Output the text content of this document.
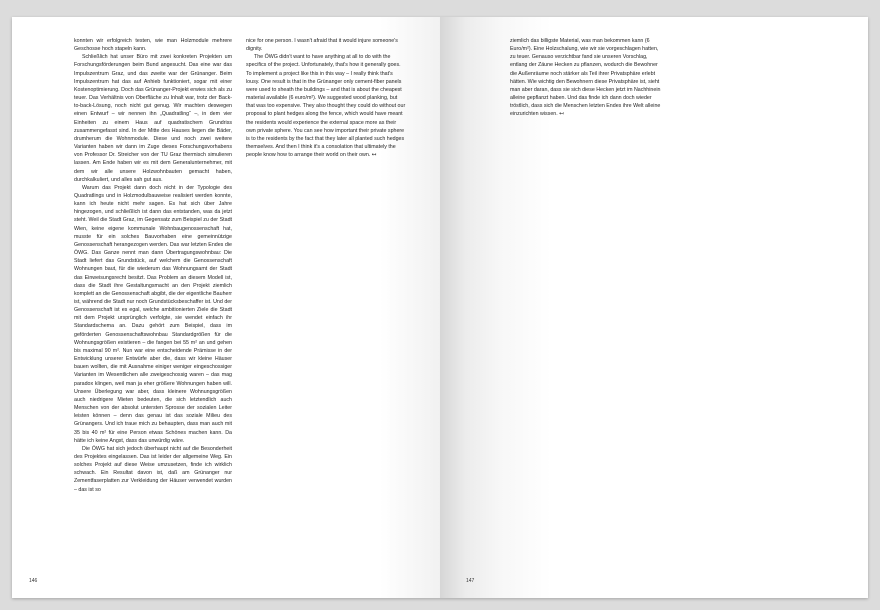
konnten wir erfolgreich testen, wie man Holzmodule mehrere Geschosse hoch stapeln kann.

Schließlich hat unser Büro mit zwei konkreten Projekten um Forschungsförderungen beim Bund angesucht. Das eine war das Impulszentrum Graz, und das zweite war der Grünanger. Beim Impulszentrum hat das auf Anhieb funktioniert, sogar mit einer Kostenoptimierung. Doch das Grünanger-Projekt erwies sich als zu teuer. Das Verhältnis von Oberfläche zu Inhalt war, trotz der Back-to-back-Lösung, noch nicht gut genug. Wir machten deswegen einen Entwurf – wir nennen ihn „Quadratling“ –, in dem vier Einheiten zu einem Haus auf quadratischem Grundriss zusammengefasst sind. In der Mitte des Hauses liegen die Bäder, drumherum die Wohnmodule. Diese und noch zwei weitere Varianten haben wir dann im Zuge dieses Forschungsvorhabens von Professor Dr. Streicher von der TU Graz thermisch simulieren lassen. Am Ende haben wir es mit dem Generalunternehmer, mit dem wir alle unsere Holzwohnbauten gemacht haben, durchkalkuliert, und alles sah gut aus.

Warum das Projekt dann doch nicht in der Typologie des Quadratlings und in Holzmodulbauweise realisiert werden konnte, kann ich heute nicht mehr sagen. Es hat sich über Jahre hingezogen, und schließlich ist dann das entstanden, was da jetzt steht. Weil die Stadt Graz, im Gegensatz zum Beispiel zu der Stadt Wien, keine eigene kommunale Wohnbaugenossenschaft hat, musste für ein solches Bauvorhaben eine gemeinnützige Genossenschaft herangezogen werden. Das war letzten Endes die ÖWG. Das Ganze nennt man dann Übertragungswohnbau: Die Stadt liefert das Grundstück, auf welchem die Genossenschaft Wohnungen baut, für die wiederum das Wohnungsamt der Stadt das Einweisungsrecht besitzt. Das Problem an diesem Modell ist, dass die Stadt ihre Gestaltungsmacht an den Projekt ziemlich komplett an die Genossenschaft abgibt, die der eigentliche Bauherr ist, während die Stadt nur noch Grundstücksbeschaffer ist. Und der Genossenschaft ist es egal, welche ambitionierten Ziele die Stadt mit dem Projekt ursprünglich verfolgte, sie wendet einfach ihr Standardschema an. Dazu gehört zum Beispiel, dass im geförderten Genossenschaftswohnbau Standardgrößen für die Wohnungsgrößen existieren – die fangen bei 55 m² an und gehen bis maximal 90 m². Nun war eine entscheidende Prämisse in der Entwicklung unserer Entwürfe aber die, dass wir kleine Häuser bauen wollten, die mit Ausnahme einiger weniger eingeschossiger Varianten im Wesentlichen alle zweigeschossig waren – das mag paradox klingen, weil man ja eher größere Wohnungen haben will. Unsere Überlegung war aber, dass kleinere Wohnungsgrößen auch niedrigere Mieten bedeuten, die sich letztendlich auch Menschen von der absolut untersten Sprosse der sozialen Leiter leisten können – denn das genau ist das soziale Milieu des Grünangers. Und ich traue mich zu behaupten, dass man auch mit 35 bis 40 m² für eine Person etwas Schönes machen kann. Da hätte ich keine Angst, dass das unwürdig wäre.

Die ÖWG hat sich jedoch überhaupt nicht auf die Besonderheit des Projektes eingelassen. Das ist leider der allgemeine Weg. Ein solches Projekt auf diese Weise umzusetzen, finde ich wirklich schwach. Ein Resultat davon ist, daß am Grünanger nur Zementfaserplatten zur Verkleidung der Häuser verwendet wurden – das ist so

nice for one person. I wasn't afraid that it would injure someone's dignity.

The ÖWG didn't want to have anything at all to do with the specifics of the project. Unfortunately, that's how it generally goes. To implement a project like this in this way – I really think that's lousy. One result is that in the Grünanger only cement-fiber panels were used to sheath the buildings – and that is about the cheapest material available (6 euro/m²). We suggested wood planking, but that was too expensive. They also thought they could do without our proposal to plant hedges along the fence, which would have meant the residents would experience the external space more as their own private sphere. You can see how important their private sphere is to the residents by the fact that they later all planted such hedges themselves. And then I think it's a consolation that ultimately the people know how to arrange their world on their own. ↤

146

ziemlich das billigste Material, was man bekommen kann (6 Euro/m²). Eine Holzschalung, wie wir sie vorgeschlagen hatten, zu teuer. Genauso verzichtbar fand sie unseren Vorschlag, entlang der Zäune Hecken zu pflanzen, wodurch die Bewohner die Außenräume noch stärker als Teil ihrer Privatsphäre erlebt hätten. Wie wichtig den Bewohnern diese Privatsphäre ist, sieht man aber daran, dass sie sich diese Hecken jetzt im Nachhinein alleine gepflanzt haben. Und das finde ich dann doch wieder tröstlich, dass sich die Menschen letzten Endes ihre Welt alleine einzurichten wissen. ↤

147
